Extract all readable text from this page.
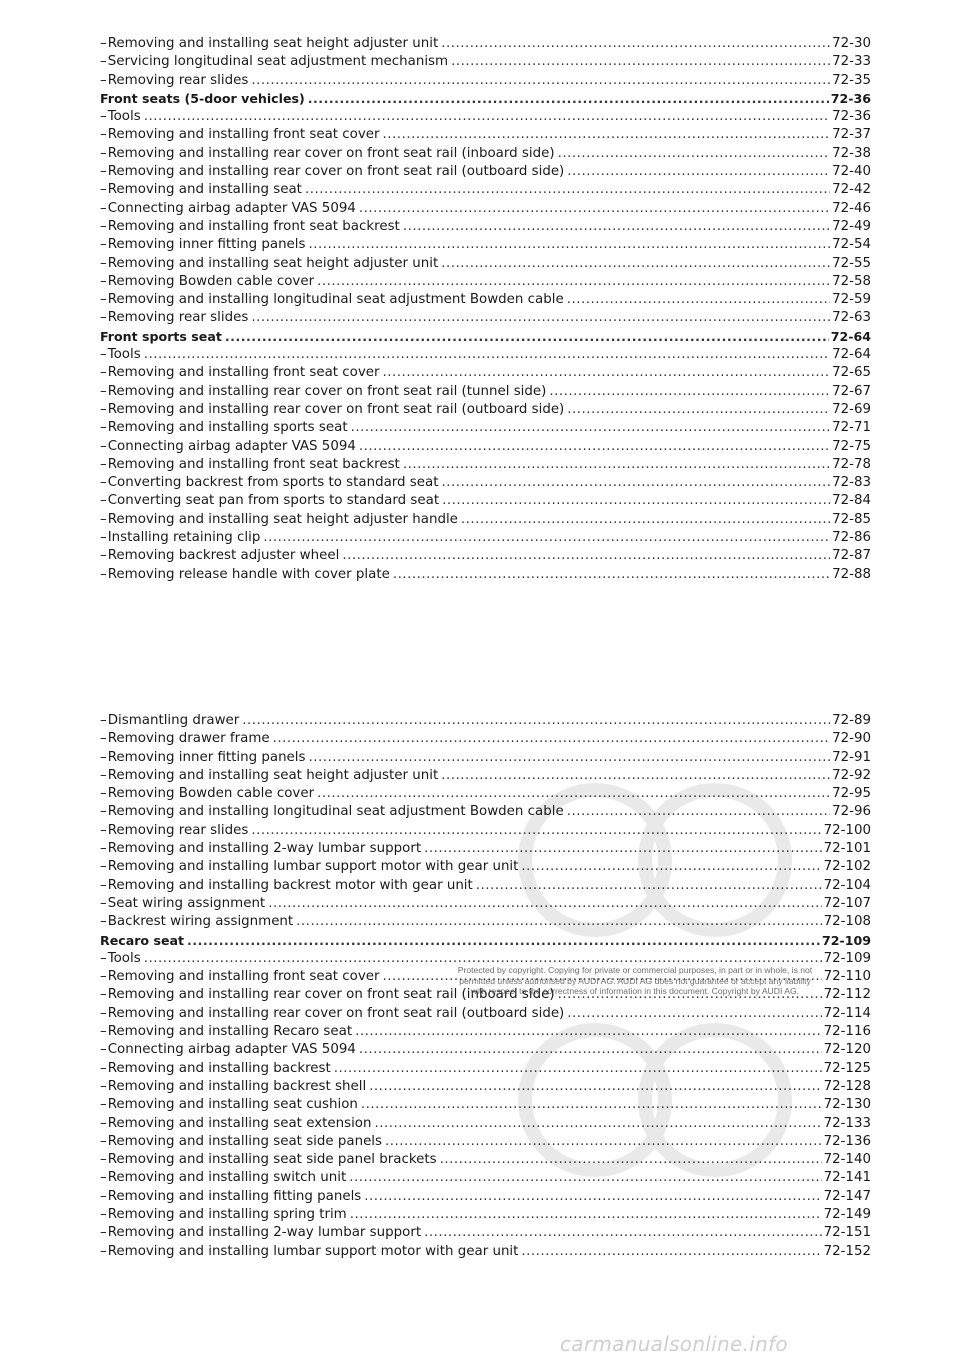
– Removing and installing seat height adjuster unit .....	72-30
– Servicing longitudinal seat adjustment mechanism .....	72-33
– Removing rear slides .....	72-35
Front seats (5-door vehicles) .....	72-36
– Tools .....	72-36
– Removing and installing front seat cover .....	72-37
– Removing and installing rear cover on front seat rail (inboard side) .....	72-38
– Removing and installing rear cover on front seat rail (outboard side) .....	72-40
– Removing and installing seat .....	72-42
– Connecting airbag adapter VAS 5094 .....	72-46
– Removing and installing front seat backrest .....	72-49
– Removing inner fitting panels .....	72-54
– Removing and installing seat height adjuster unit .....	72-55
– Removing Bowden cable cover .....	72-58
– Removing and installing longitudinal seat adjustment Bowden cable .....	72-59
– Removing rear slides .....	72-63
Front sports seat .....	72-64
– Tools .....	72-64
– Removing and installing front seat cover .....	72-65
– Removing and installing rear cover on front seat rail (tunnel side) .....	72-67
– Removing and installing rear cover on front seat rail (outboard side) .....	72-69
– Removing and installing sports seat .....	72-71
– Connecting airbag adapter VAS 5094 .....	72-75
– Removing and installing front seat backrest .....	72-78
– Converting backrest from sports to standard seat .....	72-83
– Converting seat pan from sports to standard seat .....	72-84
– Removing and installing seat height adjuster handle .....	72-85
– Installing retaining clip .....	72-86
– Removing backrest adjuster wheel .....	72-87
– Removing release handle with cover plate .....	72-88
– Dismantling drawer .....	72-89
– Removing drawer frame .....	72-90
– Removing inner fitting panels .....	72-91
– Removing and installing seat height adjuster unit .....	72-92
– Removing Bowden cable cover .....	72-95
– Removing and installing longitudinal seat adjustment Bowden cable .....	72-96
– Removing rear slides .....	72-100
– Removing and installing 2-way lumbar support .....	72-101
– Removing and installing lumbar support motor with gear unit .....	72-102
– Removing and installing backrest motor with gear unit .....	72-104
– Seat wiring assignment .....	72-107
– Backrest wiring assignment .....	72-108
Recaro seat .....	72-109
– Tools .....	72-109
– Removing and installing front seat cover .....	72-110
– Removing and installing rear cover on front seat rail (inboard side) .....	72-112
– Removing and installing rear cover on front seat rail (outboard side) .....	72-114
– Removing and installing Recaro seat .....	72-116
– Connecting airbag adapter VAS 5094 .....	72-120
– Removing and installing backrest .....	72-125
– Removing and installing backrest shell .....	72-128
– Removing and installing seat cushion .....	72-130
– Removing and installing seat extension .....	72-133
– Removing and installing seat side panels .....	72-136
– Removing and installing seat side panel brackets .....	72-140
– Removing and installing switch unit .....	72-141
– Removing and installing fitting panels .....	72-147
– Removing and installing spring trim .....	72-149
– Removing and installing 2-way lumbar support .....	72-151
– Removing and installing lumbar support motor with gear unit .....	72-152
Protected by copyright. Copying for private or commercial purposes, in part or in whole, is not
permitted unless authorised by AUDI AG. AUDI AG does not guarantee or accept any liability
with respect to the correctness of information in this document. Copyright by AUDI AG.
carmanualsonline.info
